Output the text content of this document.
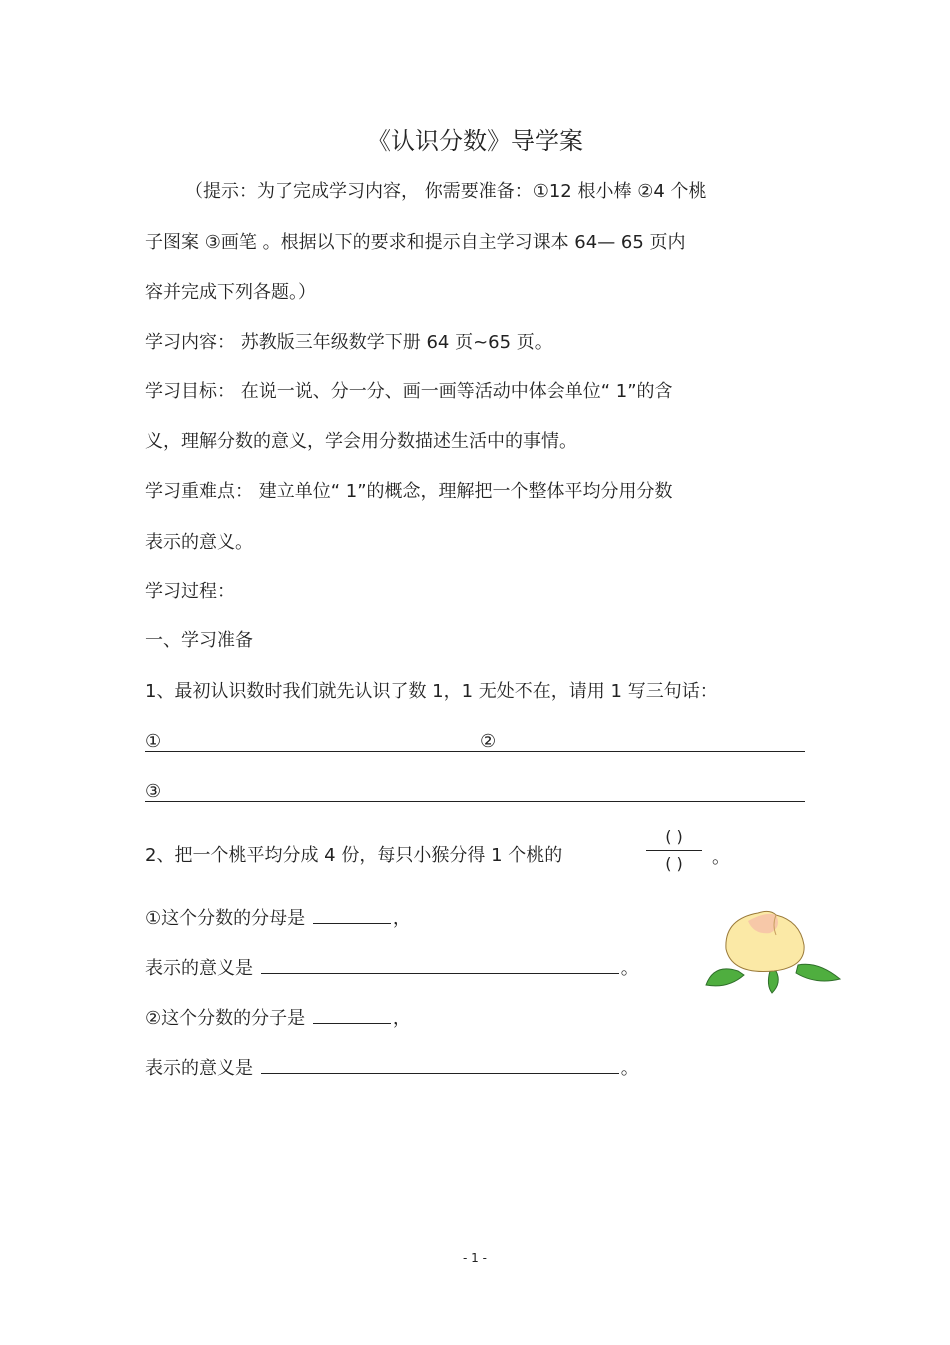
《认识分数》导学案
（提示：为了完成学习内容， 你需要准备：①12 根小棒 ②4 个桃
子图案 ③画笔 。根据以下的要求和提示自主学习课本 64— 65 页内
容并完成下列各题。）
学习内容： 苏教版三年级数学下册 64 页~65 页。
学习目标： 在说一说、分一分、画一画等活动中体会单位“ 1”的含
义，理解分数的意义，学会用分数描述生活中的事情。
学习重难点： 建立单位“ 1”的概念，理解把一个整体平均分用分数
表示的意义。
学习过程：
一、学习准备
1、最初认识数时我们就先认识了数 1，1 无处不在，请用 1 写三句话：
①	②
③
2、把一个桃平均分成 4 份，每只小猴分得 1 个桃的
( )
( )	。
①这个分数的分母是	，
表示的意义是	。
②这个分数的分子是	，
表示的意义是	。
- 1 -
